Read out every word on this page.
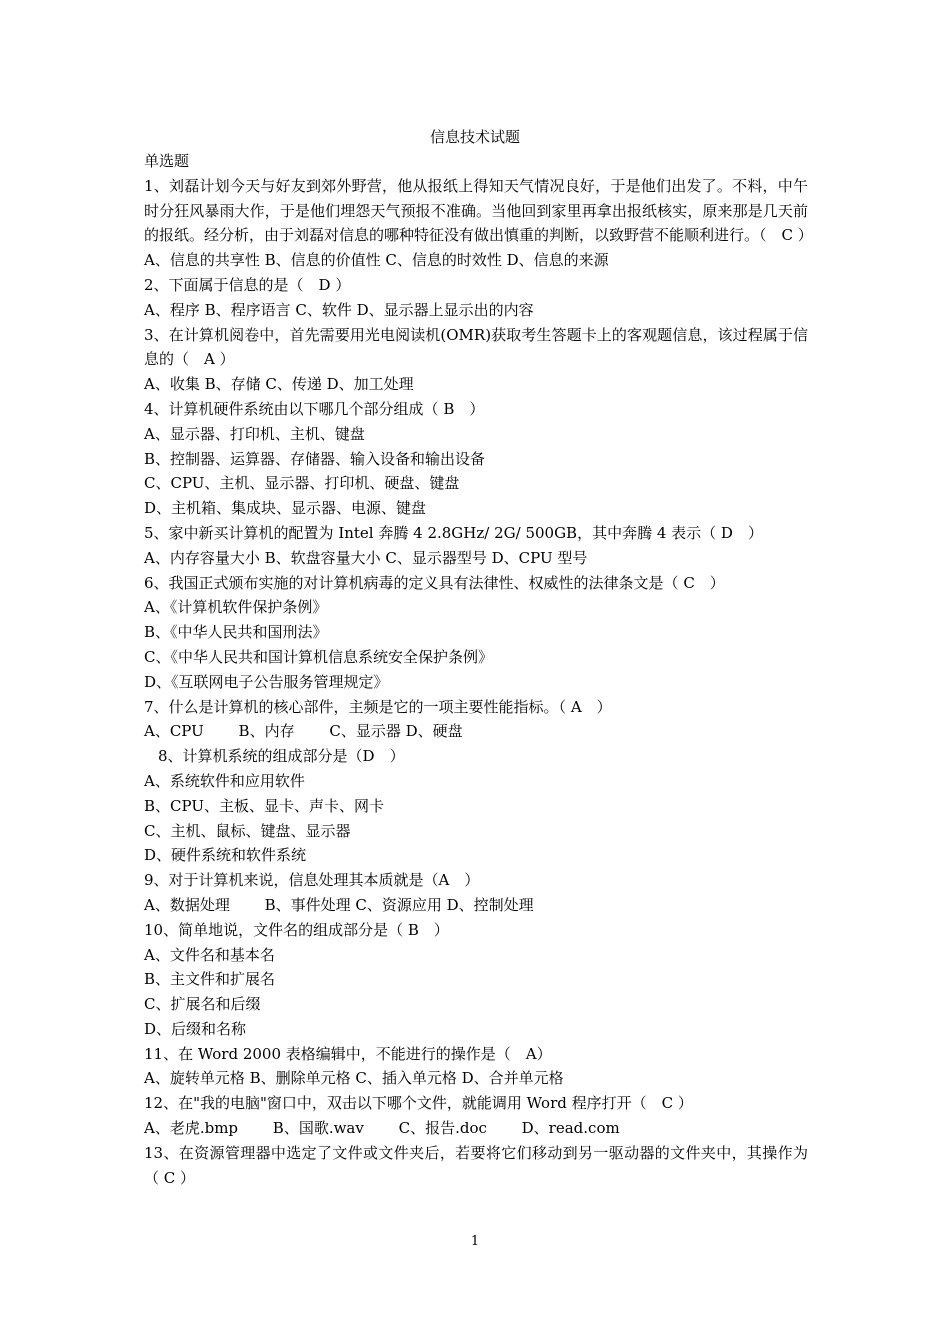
信息技术试题
单选题
1、刘磊计划今天与好友到郊外野营，他从报纸上得知天气情况良好，于是他们出发了。不料，中午时分狂风暴雨大作，于是他们埋怨天气预报不准确。当他回到家里再拿出报纸核实，原来那是几天前的报纸。经分析，由于刘磊对信息的哪种特征没有做出慎重的判断，以致野营不能顺利进行。（　C ）
A、信息的共享性 B、信息的价值性 C、信息的时效性 D、信息的来源
2、下面属于信息的是（　D ）
A、程序 B、程序语言 C、软件 D、显示器上显示出的内容
3、在计算机阅卷中，首先需要用光电阅读机(OMR)获取考生答题卡上的客观题信息，该过程属于信息的（　A ）
A、收集 B、存储 C、传递 D、加工处理
4、计算机硬件系统由以下哪几个部分组成（ B　）
A、显示器、打印机、主机、键盘
B、控制器、运算器、存储器、输入设备和输出设备
C、CPU、主机、显示器、打印机、硬盘、键盘
D、主机箱、集成块、显示器、电源、键盘
5、家中新买计算机的配置为 Intel 奔腾 4 2.8GHz/ 2G/ 500GB，其中奔腾 4 表示（ D　）
A、内存容量大小 B、软盘容量大小 C、显示器型号 D、CPU 型号
6、我国正式颁布实施的对计算机病毒的定义具有法律性、权威性的法律条文是（ C　）
A、《计算机软件保护条例》
B、《中华人民共和国刑法》
C、《中华人民共和国计算机信息系统安全保护条例》
D、《互联网电子公告服务管理规定》
7、什么是计算机的核心部件，主频是它的一项主要性能指标。（ A　）
A、CPU　　 B、内存　　 C、显示器 D、硬盘
8、计算机系统的组成部分是（D　）
A、系统软件和应用软件
B、CPU、主板、显卡、声卡、网卡
C、主机、鼠标、键盘、显示器
D、硬件系统和软件系统
9、对于计算机来说，信息处理其本质就是（A　）
A、数据处理　　 B、事件处理 C、资源应用 D、控制处理
10、简单地说，文件名的组成部分是（ B　）
A、文件名和基本名
B、主文件和扩展名
C、扩展名和后缀
D、后缀和名称
11、在 Word 2000 表格编辑中，不能进行的操作是（　A）
A、旋转单元格 B、删除单元格 C、插入单元格 D、合并单元格
12、在"我的电脑"窗口中，双击以下哪个文件，就能调用 Word 程序打开（　C ）
A、老虎.bmp　　 B、国歌.wav　　 C、报告.doc　　 D、read.com
13、在资源管理器中选定了文件或文件夹后，若要将它们移动到另一驱动器的文件夹中，其操作为（ C ）
1
